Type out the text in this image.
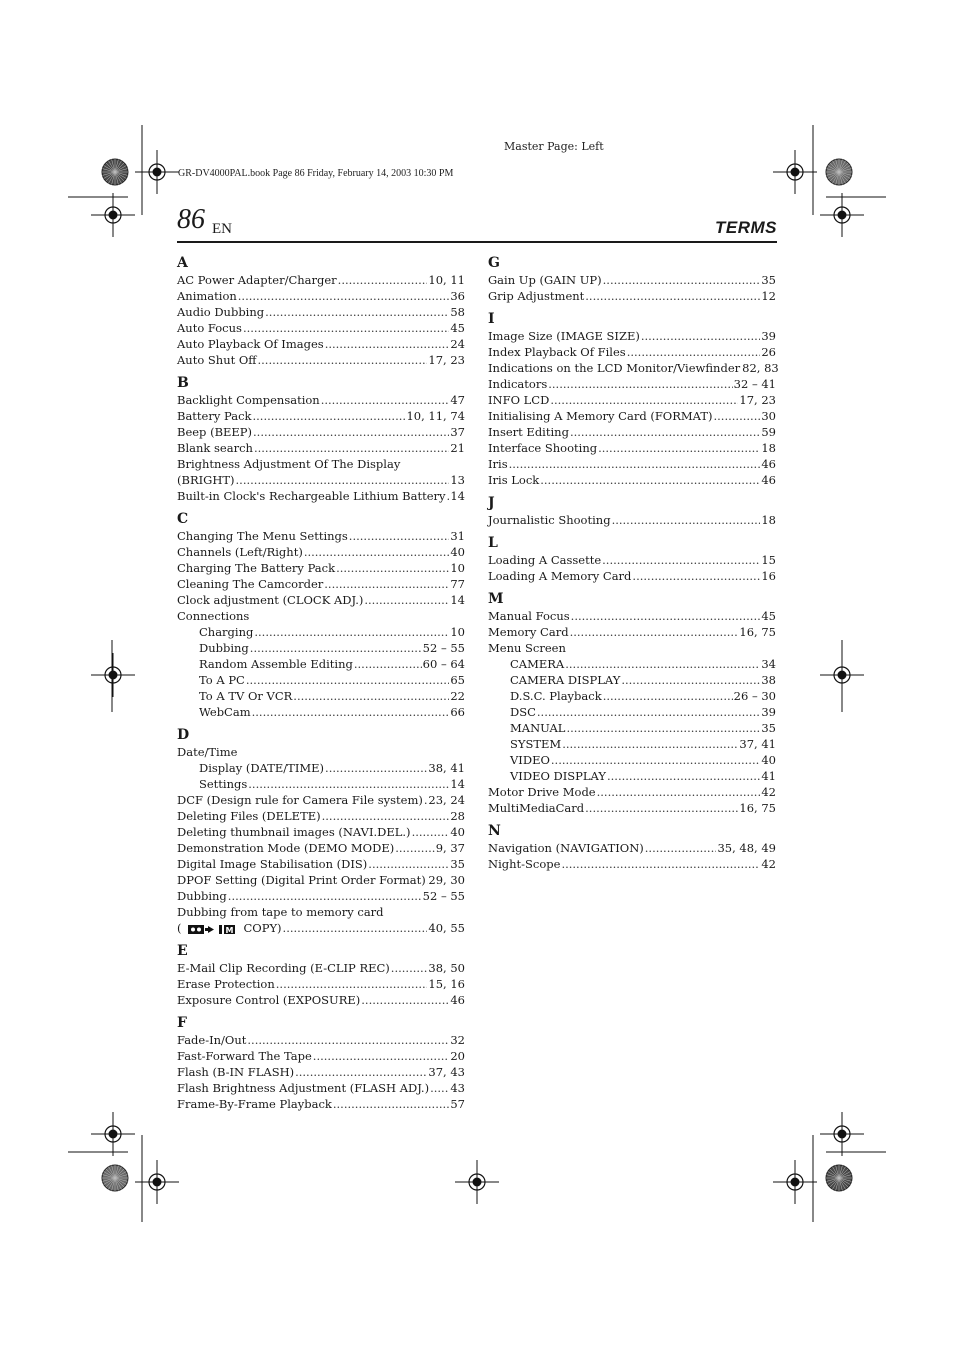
Master Page: Left
GR-DV4000PAL.book Page 86 Friday, February 14, 2003 10:30 PM
86 EN	TERMS
A
AC Power Adapter/Charger .....	10, 11
Animation .....	36
Audio Dubbing .....	58
Auto Focus .....	45
Auto Playback Of Images .....	24
Auto Shut Off .....	17, 23
B
Backlight Compensation .....	47
Battery Pack .....	10, 11, 74
Beep (BEEP) .....	37
Blank search .....	21
Brightness Adjustment Of The Display
(BRIGHT) .....	13
Built-in Clock's Rechargeable Lithium Battery ..... 14
C
Changing The Menu Settings .....	31
Channels (Left/Right) .....	40
Charging The Battery Pack .....	10
Cleaning The Camcorder .....	77
Clock adjustment (CLOCK ADJ.) .....	14
Connections
Charging .....	10
Dubbing .....	52 – 55
Random Assemble Editing .....	60 – 64
To A PC .....	65
To A TV Or VCR .....	22
WebCam .....	66
D
Date/Time
Display (DATE/TIME) .....	38, 41
Settings .....	14
DCF (Design rule for Camera File system) ..... 23, 24
Deleting Files (DELETE) .....	28
Deleting thumbnail images (NAVI.DEL.) .....	40
Demonstration Mode (DEMO MODE) .....	9, 37
Digital Image Stabilisation (DIS) .....	35
DPOF Setting (Digital Print Order Format) ..... 29, 30
Dubbing .....	52 – 55
Dubbing from tape to memory card
(	M COPY) .....	40, 55
E
E-Mail Clip Recording (E-CLIP REC) .....	38, 50
Erase Protection .....	15, 16
Exposure Control (EXPOSURE) .....	46
F
Fade-In/Out .....	32
Fast-Forward The Tape .....	20
Flash (B-IN FLASH) .....	37, 43
Flash Brightness Adjustment (FLASH ADJ.) ..... 43
Frame-By-Frame Playback .....	57
G
Gain Up (GAIN UP) .....	35
Grip Adjustment .....	12
I
Image Size (IMAGE SIZE) .....	39
Index Playback Of Files .....	26
Indications on the LCD Monitor/Viewfinder 82, 83
Indicators .....	32 – 41
INFO LCD .....	17, 23
Initialising A Memory Card (FORMAT) .....	30
Insert Editing .....	59
Interface Shooting .....	18
Iris .....	46
Iris Lock .....	46
J
Journalistic Shooting .....	18
L
Loading A Cassette .....	15
Loading A Memory Card .....	16
M
Manual Focus .....	45
Memory Card .....	16, 75
Menu Screen
CAMERA .....	34
CAMERA DISPLAY .....	38
D.S.C. Playback .....	26 – 30
DSC .....	39
MANUAL .....	35
SYSTEM .....	37, 41
VIDEO .....	40
VIDEO DISPLAY .....	41
Motor Drive Mode .....	42
MultiMediaCard .....	16, 75
N
Navigation (NAVIGATION) .....	35, 48, 49
Night-Scope .....	42
